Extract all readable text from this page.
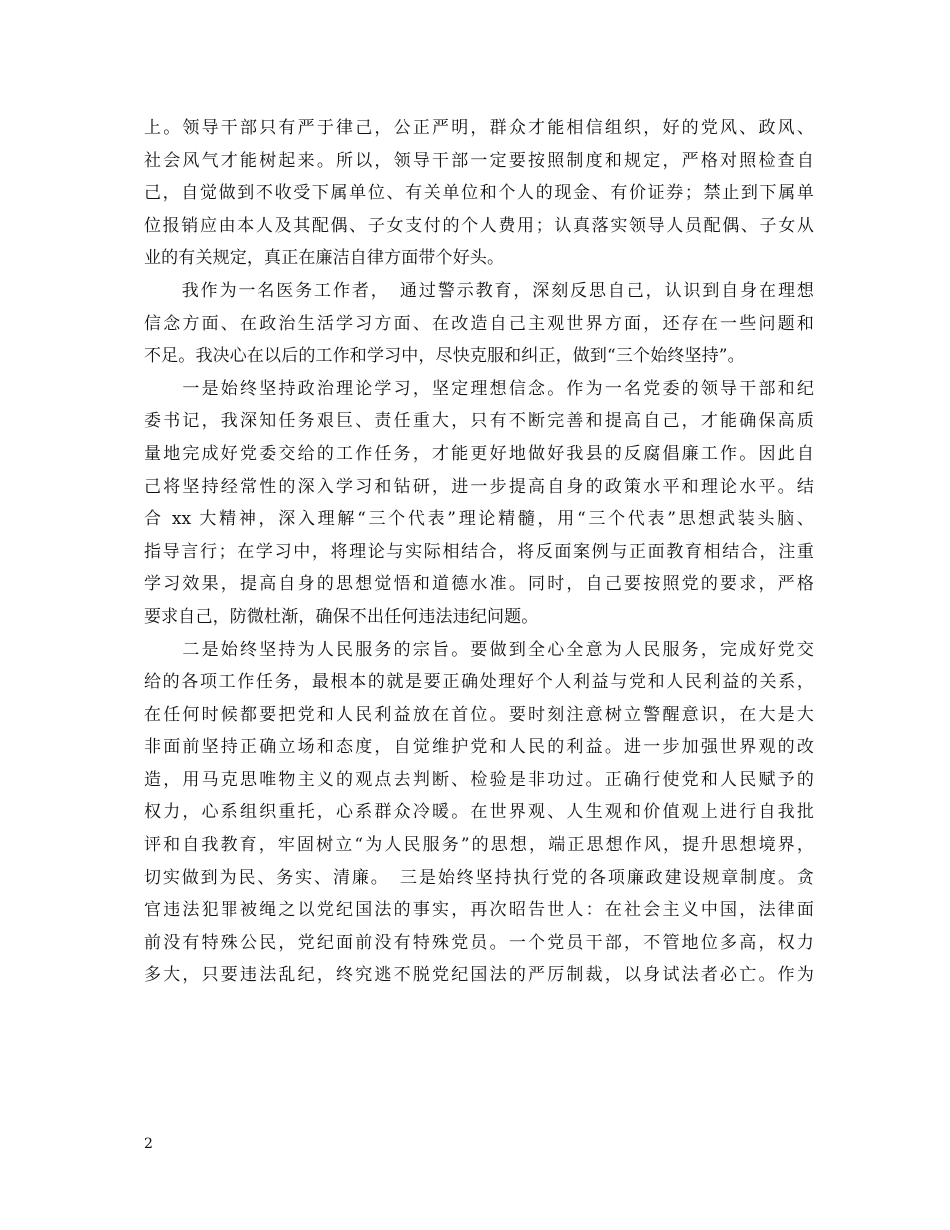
上。领导干部只有严于律己，公正严明，群众才能相信组织，好的党风、政风、
社会风气才能树起来。所以，领导干部一定要按照制度和规定，严格对照检查自
己，自觉做到不收受下属单位、有关单位和个人的现金、有价证券；禁止到下属单
位报销应由本人及其配偶、子女支付的个人费用；认真落实领导人员配偶、子女从
业的有关规定，真正在廉洁自律方面带个好头。
　　我作为一名医务工作者，　通过警示教育，深刻反思自己，认识到自身在理想
信念方面、在政治生活学习方面、在改造自己主观世界方面，还存在一些问题和
不足。我决心在以后的工作和学习中，尽快克服和纠正，做到“三个始终坚持”。
　　一是始终坚持政治理论学习，坚定理想信念。作为一名党委的领导干部和纪
委书记，我深知任务艰巨、责任重大，只有不断完善和提高自己，才能确保高质
量地完成好党委交给的工作任务，才能更好地做好我县的反腐倡廉工作。因此自
己将坚持经常性的深入学习和钻研，进一步提高自身的政策水平和理论水平。结
合 xx 大精神，深入理解“三个代表”理论精髓，用“三个代表”思想武装头脑、
指导言行；在学习中，将理论与实际相结合，将反面案例与正面教育相结合，注重
学习效果，提高自身的思想觉悟和道德水准。同时，自己要按照党的要求，严格
要求自己，防微杜渐，确保不出任何违法违纪问题。
　　二是始终坚持为人民服务的宗旨。要做到全心全意为人民服务，完成好党交
给的各项工作任务，最根本的就是要正确处理好个人利益与党和人民利益的关系，
在任何时候都要把党和人民利益放在首位。要时刻注意树立警醒意识，在大是大
非面前坚持正确立场和态度，自觉维护党和人民的利益。进一步加强世界观的改
造，用马克思唯物主义的观点去判断、检验是非功过。正确行使党和人民赋予的
权力，心系组织重托，心系群众冷暖。在世界观、人生观和价值观上进行自我批
评和自我教育，牢固树立“为人民服务”的思想，端正思想作风，提升思想境界，
切实做到为民、务实、清廉。　三是始终坚持执行党的各项廉政建设规章制度。贪
官违法犯罪被绳之以党纪国法的事实，再次昭告世人：在社会主义中国，法律面
前没有特殊公民，党纪面前没有特殊党员。一个党员干部，不管地位多高，权力
多大，只要违法乱纪，终究逃不脱党纪国法的严厉制裁，以身试法者必亡。作为
2
